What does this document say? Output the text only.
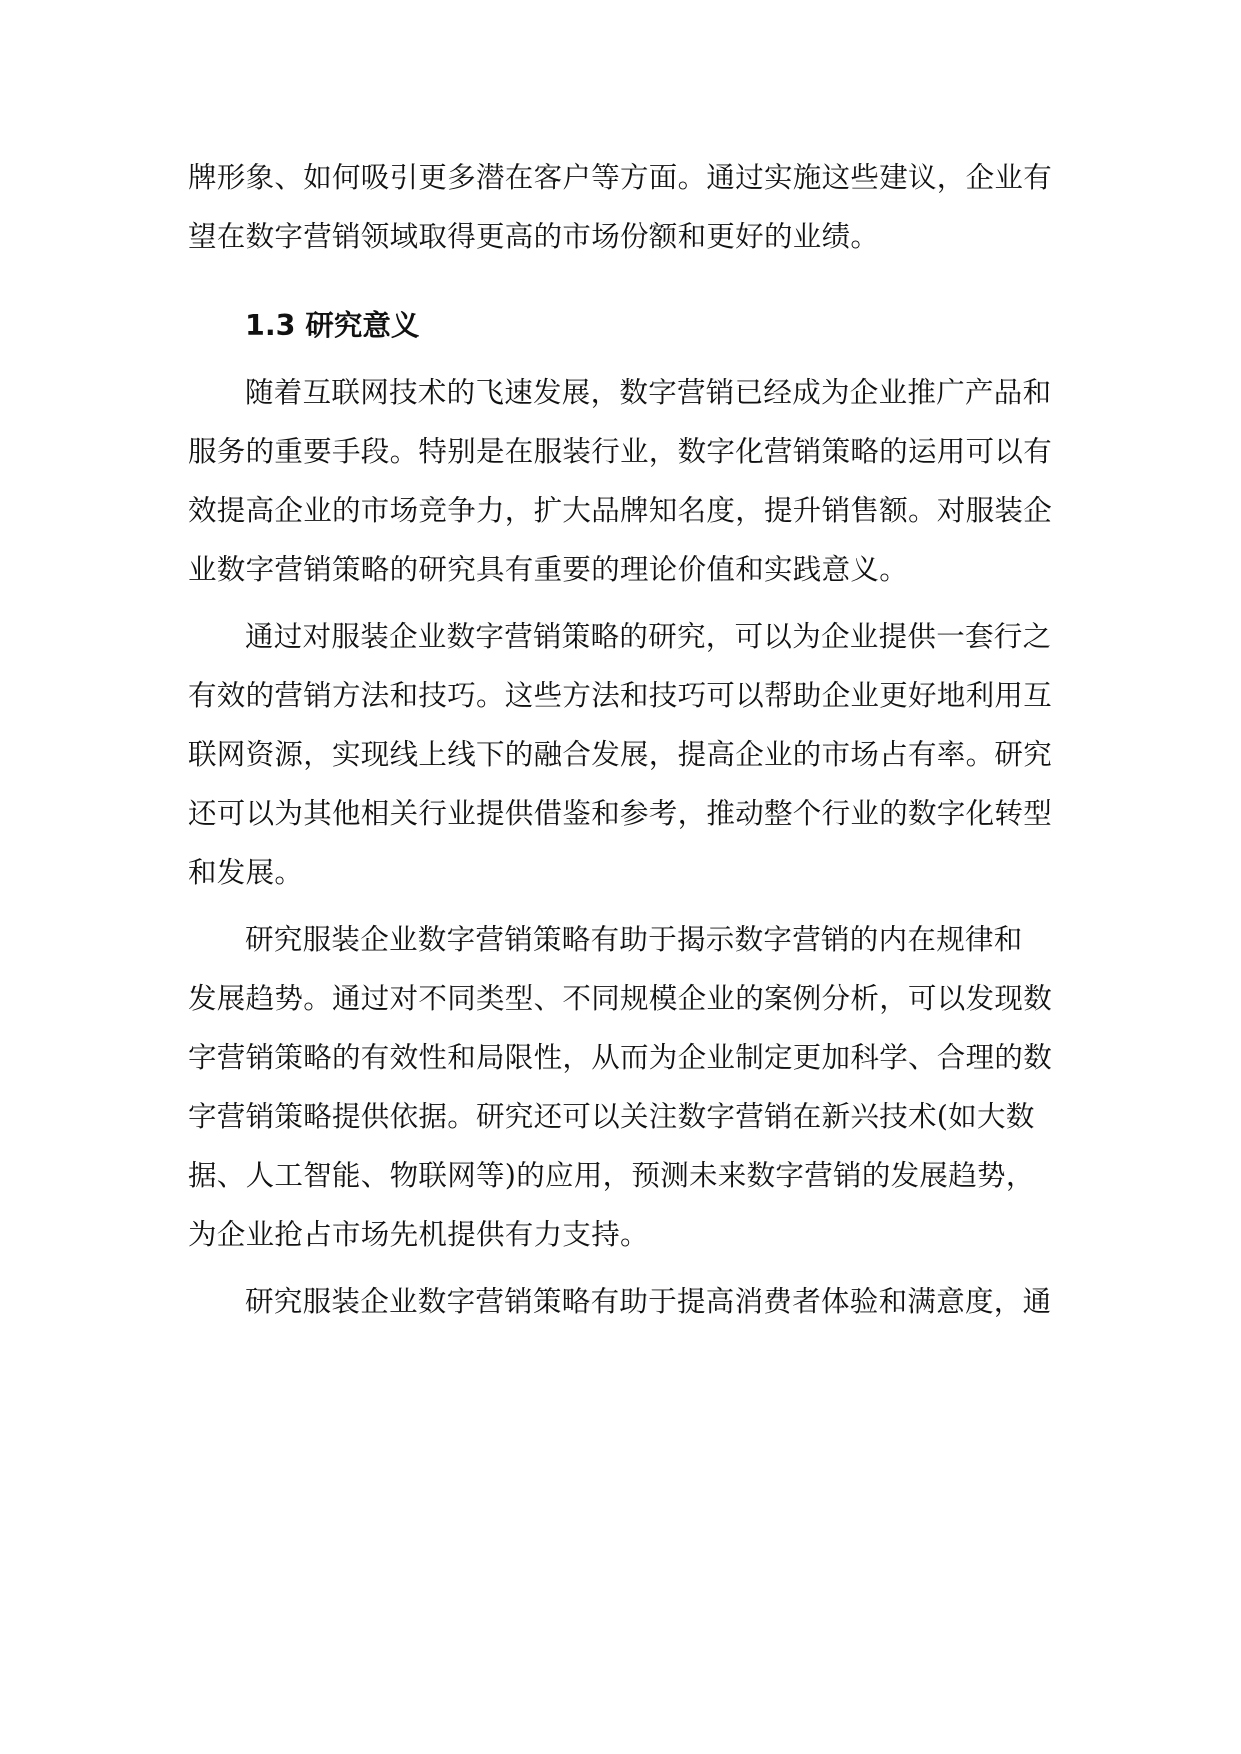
牌形象、如何吸引更多潜在客户等方面。通过实施这些建议，企业有
望在数字营销领域取得更高的市场份额和更好的业绩。
1.3 研究意义
随着互联网技术的飞速发展，数字营销已经成为企业推广产品和
服务的重要手段。特别是在服装行业，数字化营销策略的运用可以有
效提高企业的市场竞争力，扩大品牌知名度，提升销售额。对服装企
业数字营销策略的研究具有重要的理论价值和实践意义。
通过对服装企业数字营销策略的研究，可以为企业提供一套行之
有效的营销方法和技巧。这些方法和技巧可以帮助企业更好地利用互
联网资源，实现线上线下的融合发展，提高企业的市场占有率。研究
还可以为其他相关行业提供借鉴和参考，推动整个行业的数字化转型
和发展。
研究服装企业数字营销策略有助于揭示数字营销的内在规律和
发展趋势。通过对不同类型、不同规模企业的案例分析，可以发现数
字营销策略的有效性和局限性，从而为企业制定更加科学、合理的数
字营销策略提供依据。研究还可以关注数字营销在新兴技术(如大数
据、人工智能、物联网等)的应用，预测未来数字营销的发展趋势，
为企业抢占市场先机提供有力支持。
研究服装企业数字营销策略有助于提高消费者体验和满意度，通
